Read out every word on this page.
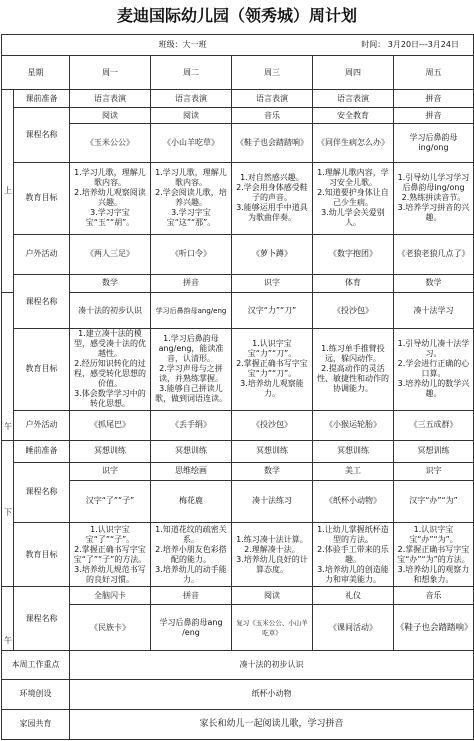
麦迪国际幼儿园（领秀城）周计划
班级：大一班 时间： 3月20日---3月24日						

星期		周一	周二	周三	周四	周五
上	课前准备	语言表演	语言表演	语言表演	语言表演	拼音
	课程名称	阅读	阅读	音乐	安全教育	拼音
		《玉米公公》	《小山羊吃草》	《鞋子也会踏踏响》	《同伴生病怎么办》	学习后鼻韵母ing/ong
	教育目标	1.学习儿歌，理解儿歌内容。
2.培养幼儿观察阅读兴趣。
3.学习字宝宝“玉”“胡”。	1.学习儿歌，理解儿歌内容。
2.学会阅读儿歌，培养兴趣。
3.学习字宝宝“这”“那”。	1.对自然感兴趣。
2.学会用身体感受鞋子的声音。
3.能够运用手中道具为歌曲伴奏。	1.理解儿歌内容，学习安全儿歌。
2.知道要护身体让自己少生病。
3.幼儿学会关爱别人。	1.引导幼儿学习学习后鼻韵母ing/ong
2.熟练拼读音节。
3.培养学习拼音的兴趣。

	户外活动	《两人三足》	《听口令》	《萝卜蹲》	《数字抱团》	《老狼老狼几点了》
	课程名称	数学	拼音	识字	体育	数学
午		凑十法的初步认识	学习后鼻韵母ang/eng	汉字“力”“刀”	《投沙包》	凑十法学习
	教育目标	1.建立凑十法的模型，感受凑十法的优越性。
2.经历知识转化的过程，感受转化思想的价值。
3.体会数学学习中的转化思想。	1.学习后鼻韵母ang/eng，能读准音，认清形。
2.学习声母与之拼读，并熟练掌握。
3.能够自己拼读儿歌，做到词语连读。	1.认识字宝宝“力”“刀”。
2.掌握正确书写字宝宝“力”“刀”。
3.培养幼儿观察能力。	1.练习单手推臂投远，躲闪动作。
2.提高动作的灵活性、敏捷性和动作的协调能力。	1.引导幼儿凑十法学习。
2.学会进行正确的心口算。
3.培养幼儿的数学兴趣。

	户外活动	《抓尾巴》	《丢手绢》	《投沙包》	《小猴运轮胎》	《三五成群》
下	睡前准备	冥想训练	冥想训练	冥想训练	冥想训练	冥想训练
	课程名称	识字	思维绘画	数学	美工	识字
		汉字“了”“子”	梅花鹿	凑十法练习	《纸杯小动物》	汉字“办”“为”
	教育目标	1.认识字宝宝“了”“子”。
2.掌握正确书写字宝宝“了”“子”的方法。
3.培养幼儿规范书写的良好习惯。	1.知道花纹的疏密关系。
2.培养小朋友色彩搭配的能力。
3.培养幼儿的动手能力。	1.练习凑十法计算。
2.理解凑十法。
3.培养幼儿良好的计算态度。	1.让幼儿掌握纸杯造型的方法。
2.体验手工带来的乐趣。
3.培养幼儿的创造能力和审美能力。	1.认识字宝宝“办”“为”。
2.掌握正确书写字宝宝“办”“为”的方法。
3.培养幼儿的观察力和想象力。

午	课程名称	全脑闪卡	拼音	阅读	礼仪	音乐
		《民族卡》	学习后鼻韵母ang /eng	复习《玉米公公、小山羊吃草》	《课间活动》	《鞋子也会踏踏响》
本周工作重点		凑十法的初步认识				
环境创设		纸杯小动物				
家园共育		家长和幼儿一起阅读儿歌，学习拼音				
